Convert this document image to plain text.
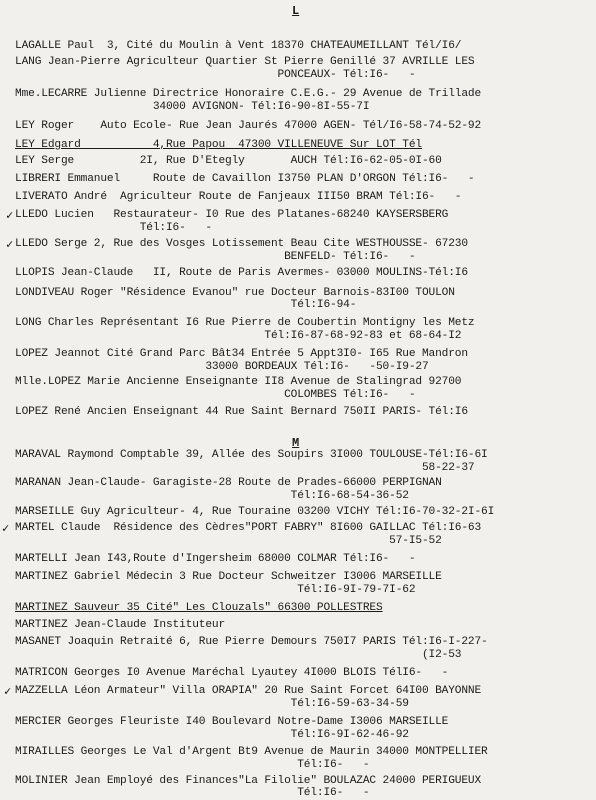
L
LAGALLE Paul  3, Cité du Moulin à Vent 18370 CHATEAUMEILLANT Tél/I6/
LANG Jean-Pierre Agriculteur Quartier St Pierre Genillé 37 AVRILLE LES
PONCEAUX- Tél:I6-   -
Mme.LECARRE Julienne Directrice Honoraire C.E.G.- 29 Avenue de Trillade
34000 AVIGNON- Tél:I6-90-8I-55-7I
LEY Roger    Auto Ecole- Rue Jean Jaurés 47000 AGEN- Tél/I6-58-74-52-92
LEY Edgard           4,Rue Papou  47300 VILLENEUVE Sur LOT Tél
LEY Serge          2I, Rue D'Etegly       AUCH Tél:I6-62-05-0I-60
LIBRERI Emmanuel     Route de Cavaillon I3750 PLAN D'ORGON Tél:I6-   -
LIVERATO André  Agriculteur Route de Fanjeaux III50 BRAM Tél:I6-   -
✓ LLEDO Lucien   Restaurateur- I0 Rue des Platanes-68240 KAYSERSBERG
Tél:I6-   -
✓ LLEDO Serge 2, Rue des Vosges Lotissement Beau Cite WESTHOUSSE- 67230
BENFELD- Tél:I6-   -
LLOPIS Jean-Claude   II, Route de Paris Avermes- 03000 MOULINS-Tél:I6
LONDIVEAU Roger "Résidence Evanou" rue Docteur Barnois-83I00 TOULON
Tél:I6-94-
LONG Charles Représentant I6 Rue Pierre de Coubertin Montigny les Metz
Tél:I6-87-68-92-83 et 68-64-I2
LOPEZ Jeannot Cité Grand Parc Bât34 Entrée 5 Appt3I0- I65 Rue Mandron
33000 BORDEAUX Tél:I6-   -50-I9-27
Mlle.LOPEZ Marie Ancienne Enseignante II8 Avenue de Stalingrad 92700
COLOMBES Tél:I6-   -
LOPEZ René Ancien Enseignant 44 Rue Saint Bernard 750II PARIS- Tél:I6
M
MARAVAL Raymond Comptable 39, Allée des Soupirs 3I000 TOULOUSE-Tél:I6-6I
58-22-37
MARANAN Jean-Claude- Garagiste-28 Route de Prades-66000 PERPIGNAN
Tél:I6-68-54-36-52
MARSEILLE Guy Agriculteur- 4, Rue Touraine 03200 VICHY Tél:I6-70-32-2I-6I
✓ MARTEL Claude  Résidence des Cèdres"PORT FABRY" 8I600 GAILLAC Tél:I6-63
57-I5-52
MARTELLI Jean I43,Route d'Ingersheim 68000 COLMAR Tél:I6-   -
MARTINEZ Gabriel Médecin 3 Rue Docteur Schweitzer I3006 MARSEILLE
Tél:I6-9I-79-7I-62
MARTINEZ Sauveur 35 Cité" Les Clouzals" 66300 POLLESTRES
MARTINEZ Jean-Claude Instituteur
MASANET Joaquin Retraité 6, Rue Pierre Demours 750I7 PARIS Tél:I6-I-227-
(I2-53
MATRICON Georges I0 Avenue Maréchal Lyautey 4I000 BLOIS TélI6-   -
✓ MAZZELLA Léon Armateur" Villa ORAPIA" 20 Rue Saint Forcet 64I00 BAYONNE
Tél:I6-59-63-34-59
MERCIER Georges Fleuriste I40 Boulevard Notre-Dame I3006 MARSEILLE
Tél:I6-9I-62-46-92
MIRAILLES Georges Le Val d'Argent Bt9 Avenue de Maurin 34000 MONTPELLIER
Tél:I6-   -
MOLINIER Jean Employé des Finances"La Filolie" BOULAZAC 24000 PERIGUEUX
Tél:I6-   -
